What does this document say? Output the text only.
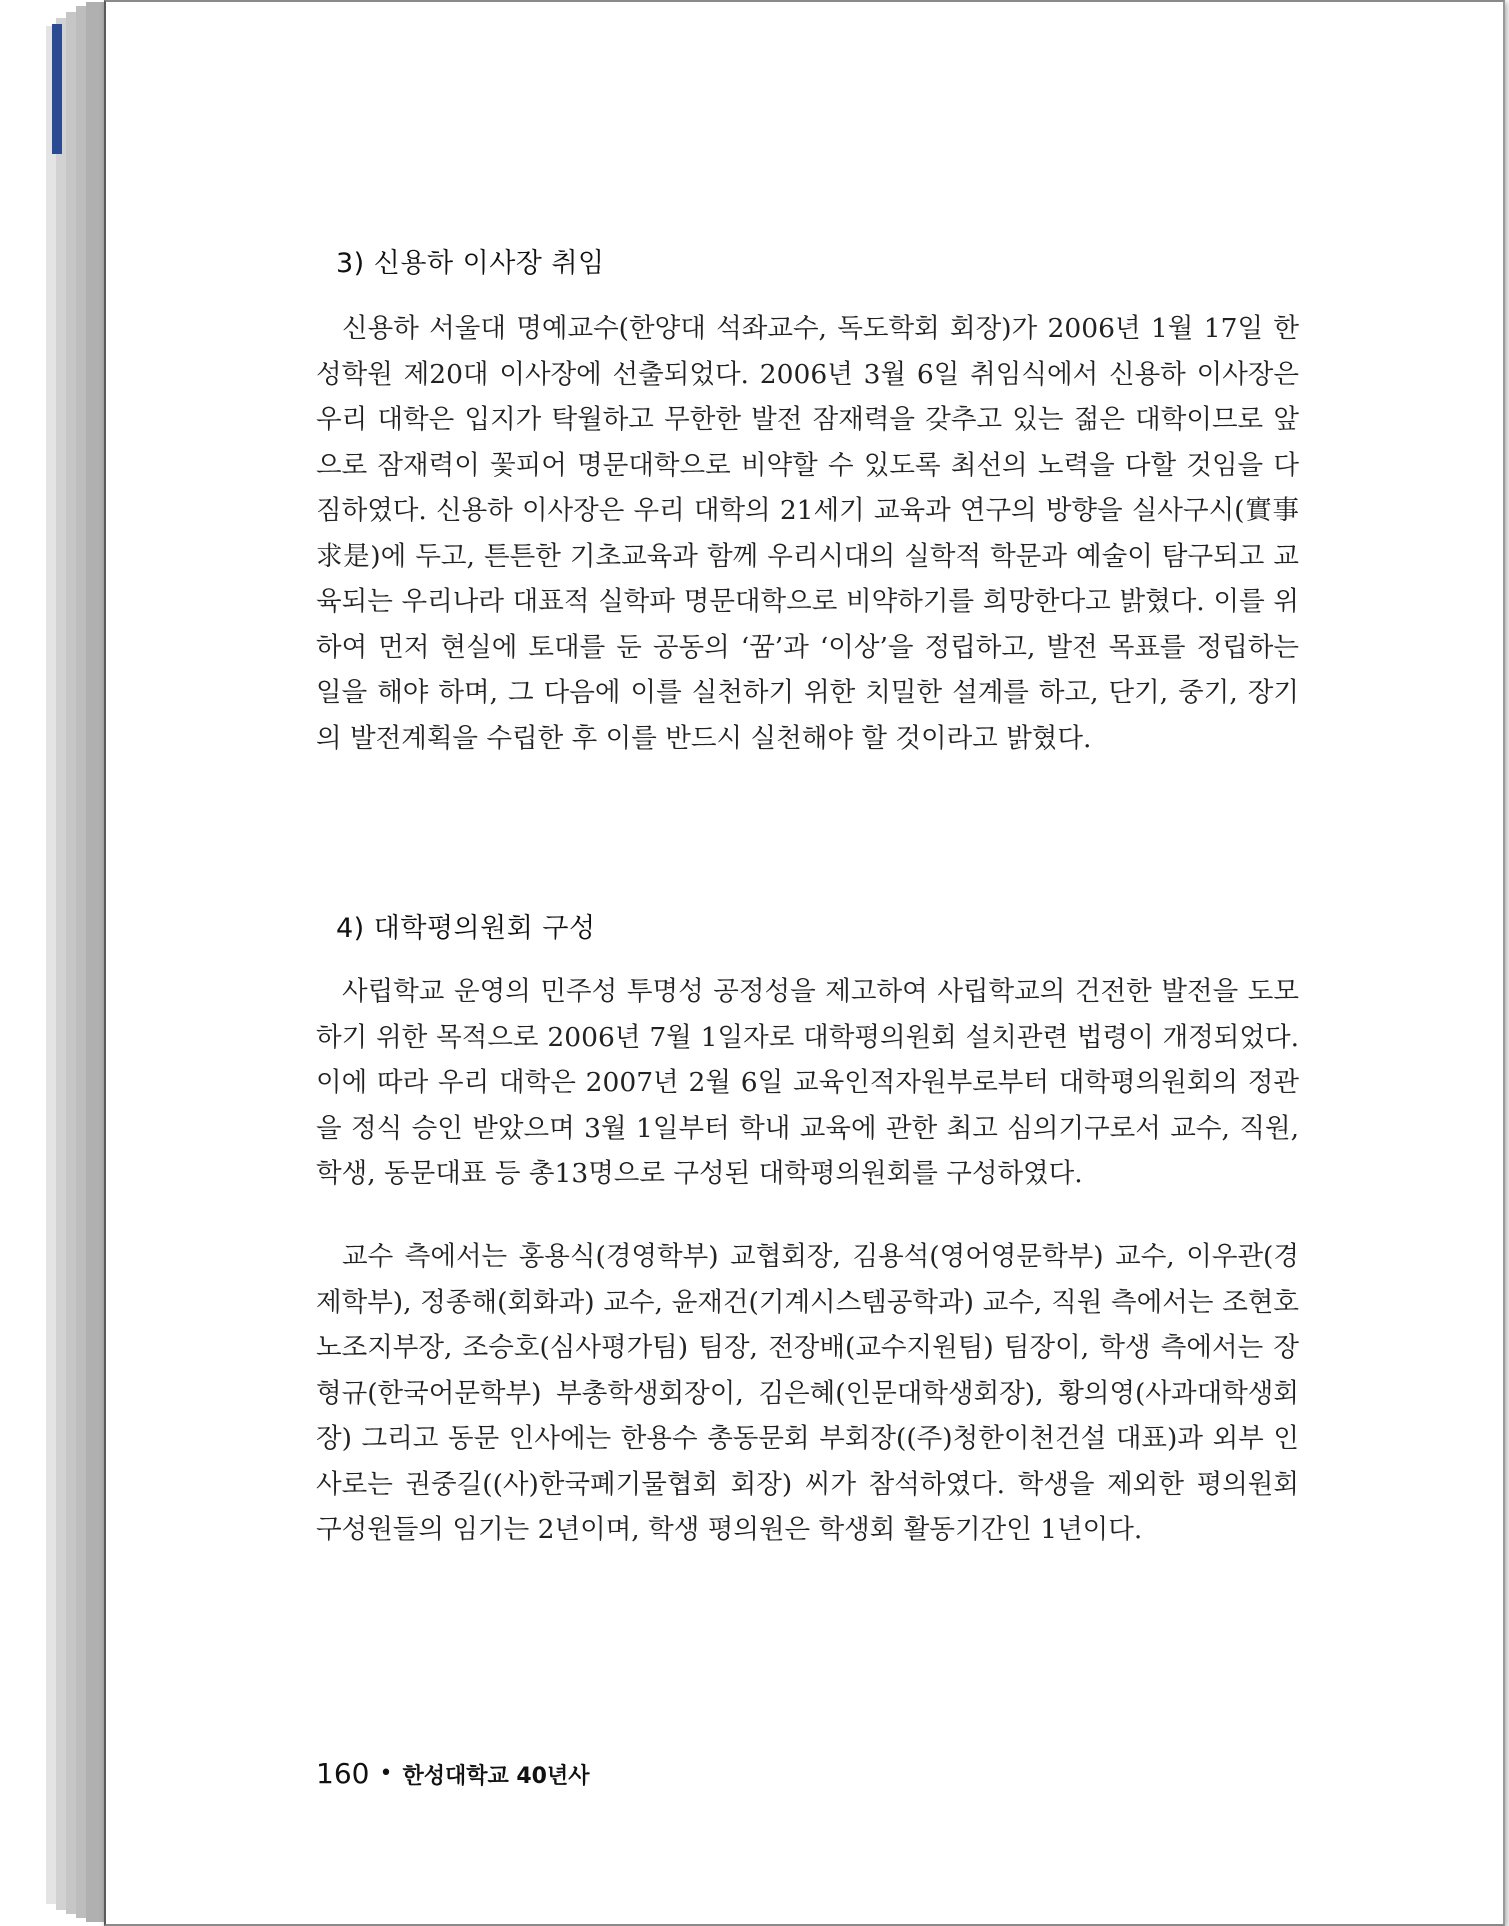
3) 신용하 이사장 취임

신용하 서울대 명예교수(한양대 석좌교수, 독도학회 회장)가 2006년 1월 17일 한성학원 제20대 이사장에 선출되었다. 2006년 3월 6일 취임식에서 신용하 이사장은 우리 대학은 입지가 탁월하고 무한한 발전 잠재력을 갖추고 있는 젊은 대학이므로 앞으로 잠재력이 꽃피어 명문대학으로 비약할 수 있도록 최선의 노력을 다할 것임을 다짐하였다. 신용하 이사장은 우리 대학의 21세기 교육과 연구의 방향을 실사구시(實事求是)에 두고, 튼튼한 기초교육과 함께 우리시대의 실학적 학문과 예술이 탐구되고 교육되는 우리나라 대표적 실학파 명문대학으로 비약하기를 희망한다고 밝혔다. 이를 위하여 먼저 현실에 토대를 둔 공동의 ‘꿈’과 ‘이상’을 정립하고, 발전 목표를 정립하는 일을 해야 하며, 그 다음에 이를 실천하기 위한 치밀한 설계를 하고, 단기, 중기, 장기의 발전계획을 수립한 후 이를 반드시 실천해야 할 것이라고 밝혔다.

4) 대학평의원회 구성

사립학교 운영의 민주성 투명성 공정성을 제고하여 사립학교의 건전한 발전을 도모하기 위한 목적으로 2006년 7월 1일자로 대학평의원회 설치관련 법령이 개정되었다. 이에 따라 우리 대학은 2007년 2월 6일 교육인적자원부로부터 대학평의원회의 정관을 정식 승인 받았으며 3월 1일부터 학내 교육에 관한 최고 심의기구로서 교수, 직원, 학생, 동문대표 등 총13명으로 구성된 대학평의원회를 구성하였다.

교수 측에서는 홍용식(경영학부) 교협회장, 김용석(영어영문학부) 교수, 이우관(경제학부), 정종해(회화과) 교수, 윤재건(기계시스템공학과) 교수, 직원 측에서는 조현호 노조지부장, 조승호(심사평가팀) 팀장, 전장배(교수지원팀) 팀장이, 학생 측에서는 장형규(한국어문학부) 부총학생회장이, 김은혜(인문대학생회장), 황의영(사과대학생회장) 그리고 동문 인사에는 한용수 총동문회 부회장((주)청한이천건설 대표)과 외부 인사로는 권중길((사)한국폐기물협회 회장) 씨가 참석하였다. 학생을 제외한 평의원회 구성원들의 임기는 2년이며, 학생 평의원은 학생회 활동기간인 1년이다.

160 • 한성대학교 40년사
